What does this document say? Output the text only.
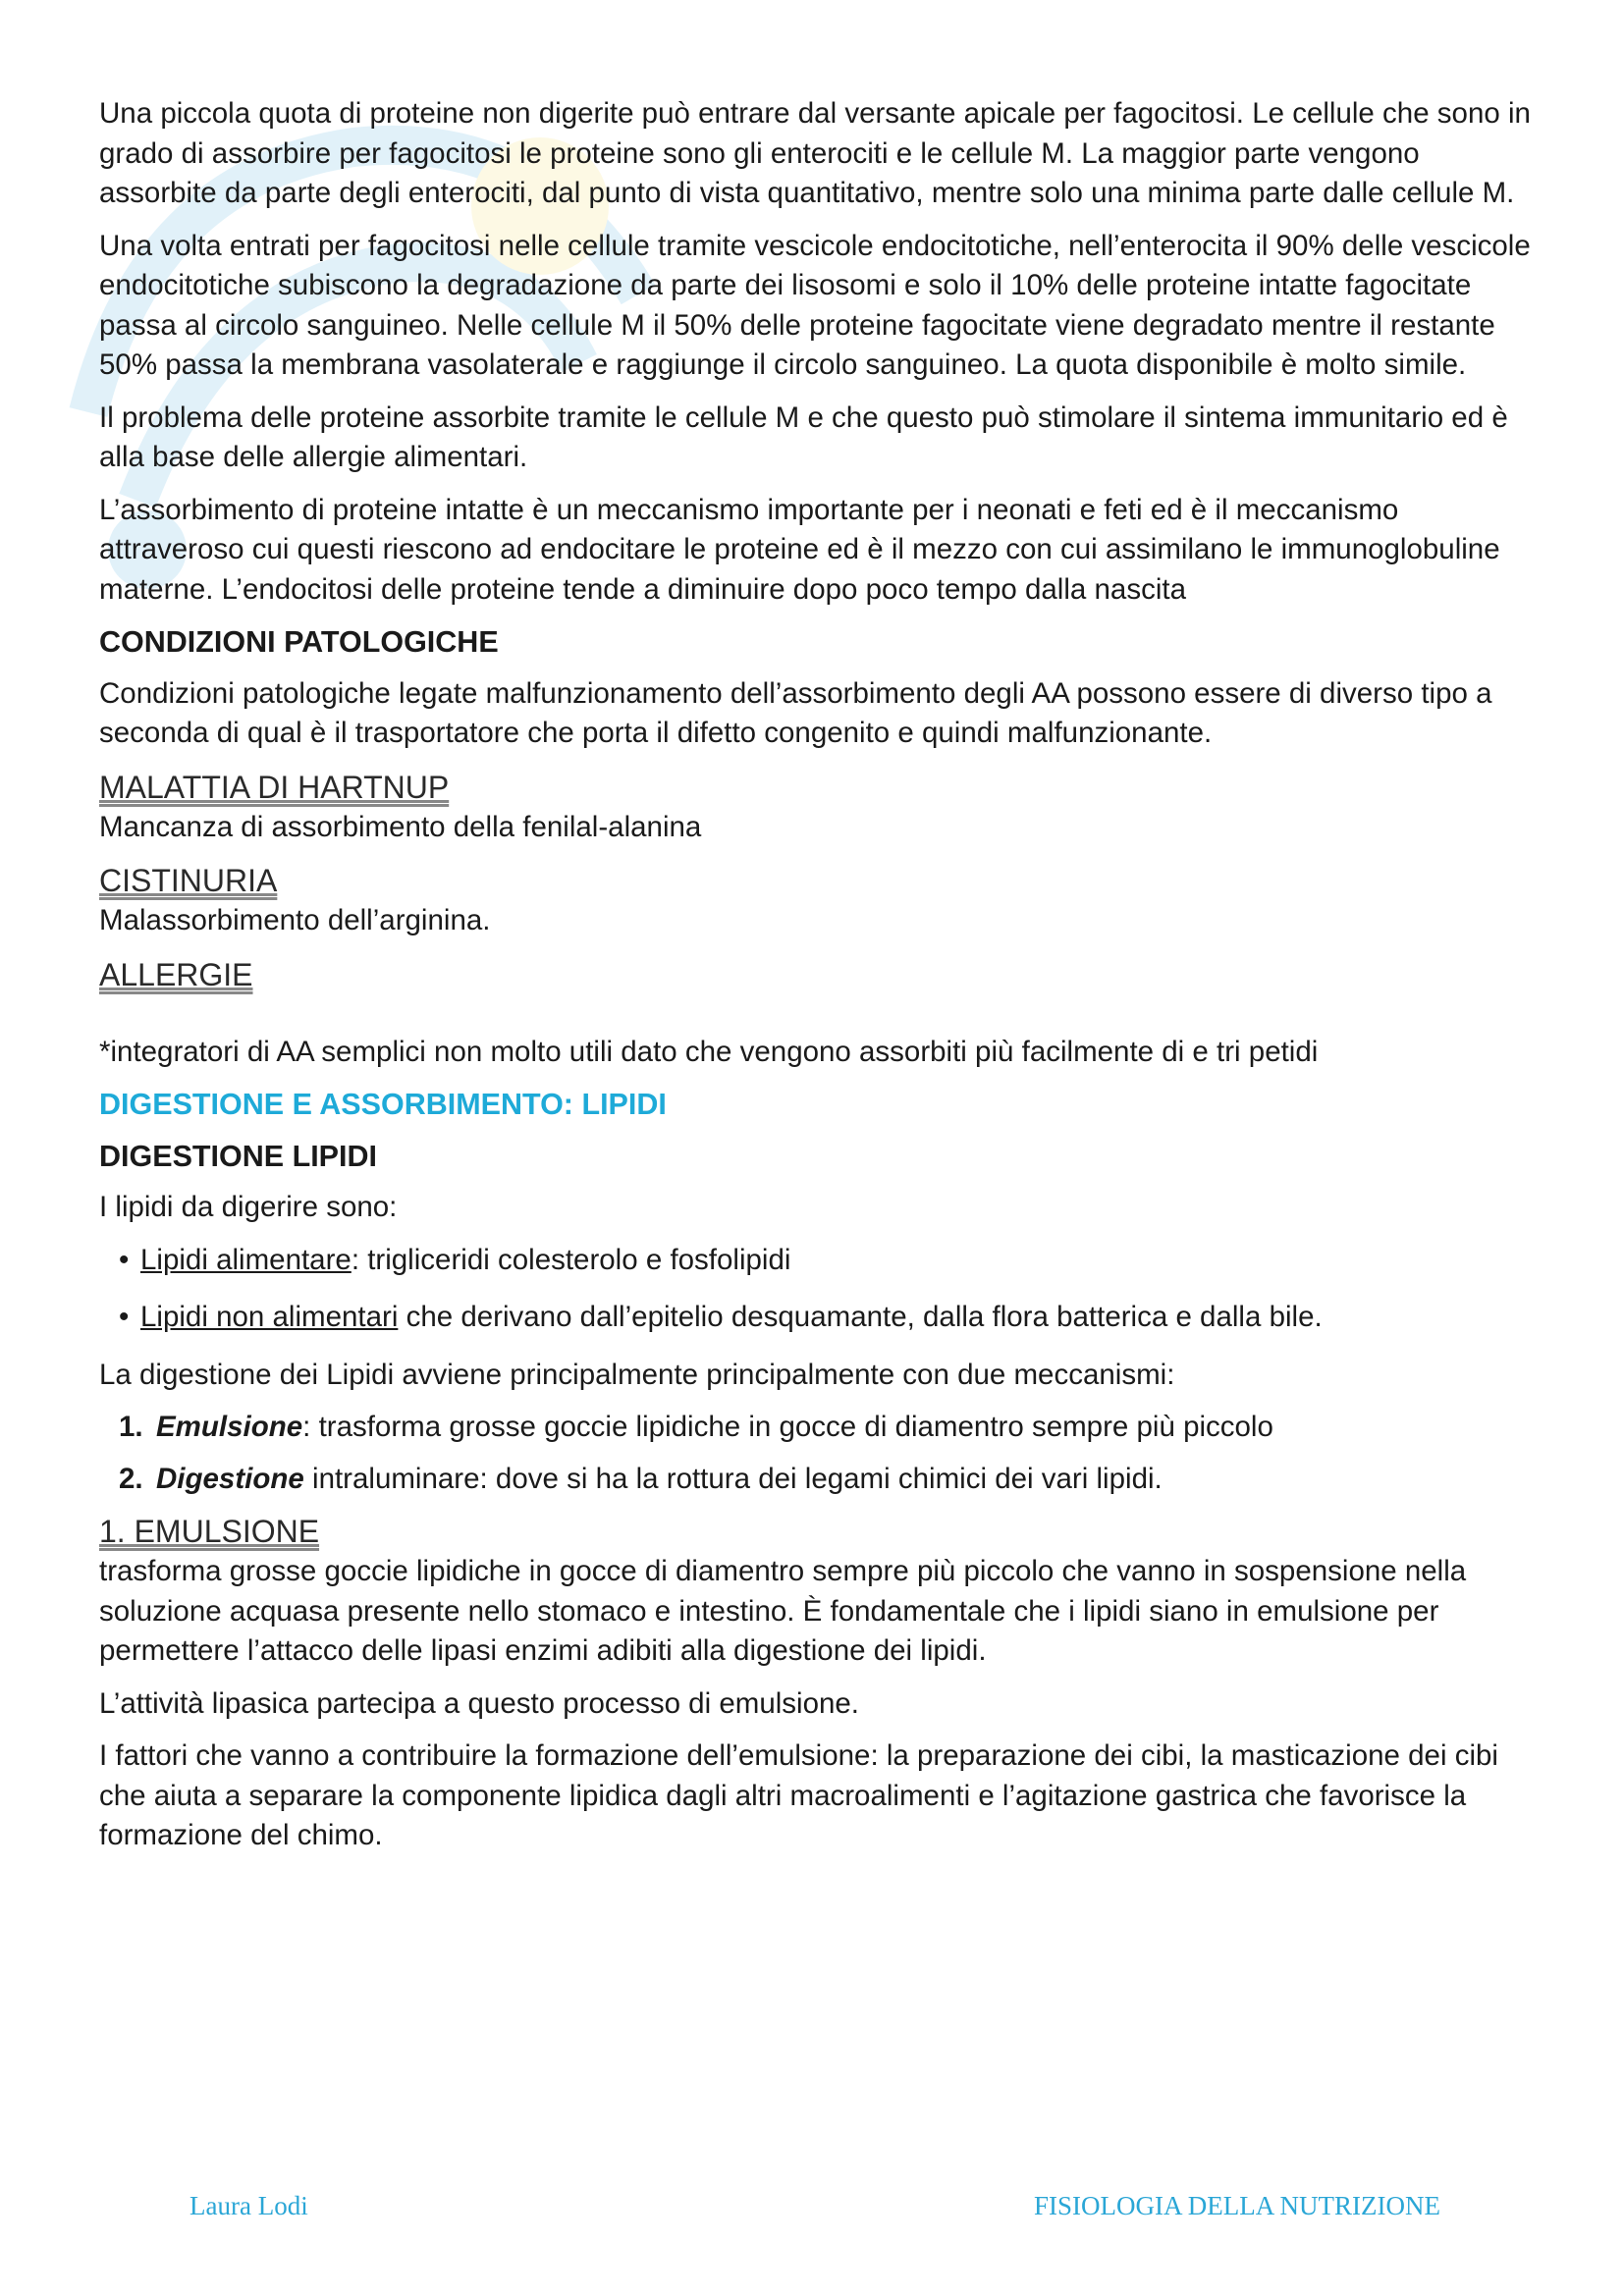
Una piccola quota di proteine non digerite può entrare dal versante apicale per fagocitosi. Le cellule che sono in grado di assorbire per fagocitosi le proteine sono gli enterociti e le cellule M. La maggior parte vengono assorbite da parte degli enterociti, dal punto di vista quantitativo, mentre solo una minima parte dalle cellule M.

Una volta entrati per fagocitosi nelle cellule tramite vescicole endocitotiche, nell’enterocita il 90% delle vescicole endocitotiche subiscono la degradazione da parte dei lisosomi e solo il 10% delle proteine intatte fagocitate passa al circolo sanguineo. Nelle cellule M il 50% delle proteine fagocitate viene degradato mentre il restante 50% passa la membrana vasolaterale e raggiunge il circolo sanguineo. La quota disponibile è molto simile.

Il problema delle proteine assorbite tramite le cellule M e che questo può stimolare il sintema immunitario ed è alla base delle allergie alimentari.

L’assorbimento di proteine intatte è un meccanismo importante per i neonati e feti ed è il meccanismo attraveroso cui questi riescono ad endocitare le proteine ed è il mezzo con cui assimilano le immunoglobuline materne. L’endocitosi delle proteine tende a diminuire dopo poco tempo dalla nascita

CONDIZIONI PATOLOGICHE

Condizioni patologiche legate malfunzionamento dell’assorbimento degli AA possono essere di diverso tipo a seconda di qual è il trasportatore che porta il difetto congenito e quindi malfunzionante.

MALATTIA DI HARTNUP

Mancanza di assorbimento della fenilal-alanina

CISTINURIA

Malassorbimento dell’arginina.

ALLERGIE

*integratori di AA semplici non molto utili dato che vengono assorbiti più facilmente di e tri petidi

DIGESTIONE E ASSORBIMENTO: LIPIDI
DIGESTIONE LIPIDI

I lipidi da digerire sono:

• Lipidi alimentare: trigliceridi colesterolo e fosfolipidi
• Lipidi non alimentari che derivano dall’epitelio desquamante, dalla flora batterica e dalla bile.

La digestione dei Lipidi avviene principalmente principalmente con due meccanismi:

1. Emulsione: trasforma grosse goccie lipidiche in gocce di diamentro sempre più piccolo
2. Digestione intraluminare: dove si ha la rottura dei legami chimici dei vari lipidi.
1. EMULSIONE

trasforma grosse goccie lipidiche in gocce di diamentro sempre più piccolo che vanno in sospensione nella soluzione acquasa presente nello stomaco e intestino. È fondamentale che i lipidi siano in emulsione per permettere l’attacco delle lipasi enzimi adibiti alla digestione dei lipidi.

L’attività lipasica partecipa a questo processo di emulsione.

I fattori che vanno a contribuire la formazione dell’emulsione: la preparazione dei cibi, la masticazione dei cibi che aiuta a separare la componente lipidica dagli altri macroalimenti e l’agitazione gastrica che favorisce la formazione del chimo.

Laura Lodi	FISIOLOGIA DELLA NUTRIZIONE
